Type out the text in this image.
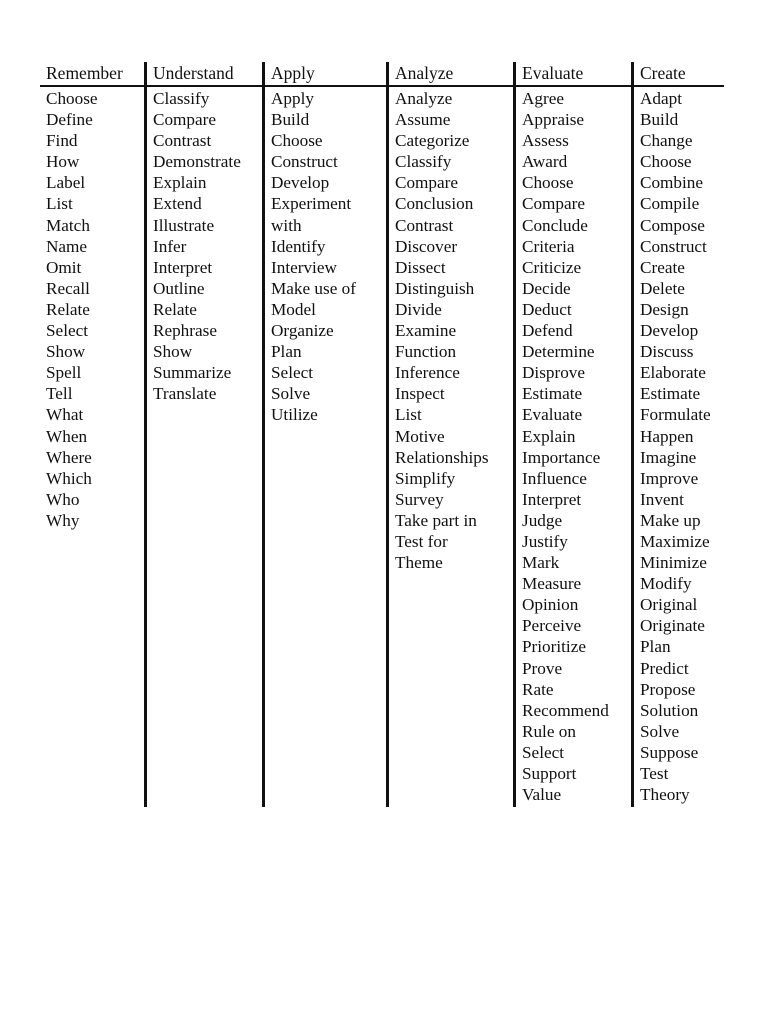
Remember
Choose
Define
Find
How
Label
List
Match
Name
Omit
Recall
Relate
Select
Show
Spell
Tell
What
When
Where
Which
Who
Why
Understand
Classify
Compare
Contrast
Demonstrate
Explain
Extend
Illustrate
Infer
Interpret
Outline
Relate
Rephrase
Show
Summarize
Translate
Apply
Apply
Build
Choose
Construct
Develop
Experiment
with
Identify
Interview
Make use of
Model
Organize
Plan
Select
Solve
Utilize
Analyze
Analyze
Assume
Categorize
Classify
Compare
Conclusion
Contrast
Discover
Dissect
Distinguish
Divide
Examine
Function
Inference
Inspect
List
Motive
Relationships
Simplify
Survey
Take part in
Test for
Theme
Evaluate
Agree
Appraise
Assess
Award
Choose
Compare
Conclude
Criteria
Criticize
Decide
Deduct
Defend
Determine
Disprove
Estimate
Evaluate
Explain
Importance
Influence
Interpret
Judge
Justify
Mark
Measure
Opinion
Perceive
Prioritize
Prove
Rate
Recommend
Rule on
Select
Support
Value
Create
Adapt
Build
Change
Choose
Combine
Compile
Compose
Construct
Create
Delete
Design
Develop
Discuss
Elaborate
Estimate
Formulate
Happen
Imagine
Improve
Invent
Make up
Maximize
Minimize
Modify
Original
Originate
Plan
Predict
Propose
Solution
Solve
Suppose
Test
Theory
